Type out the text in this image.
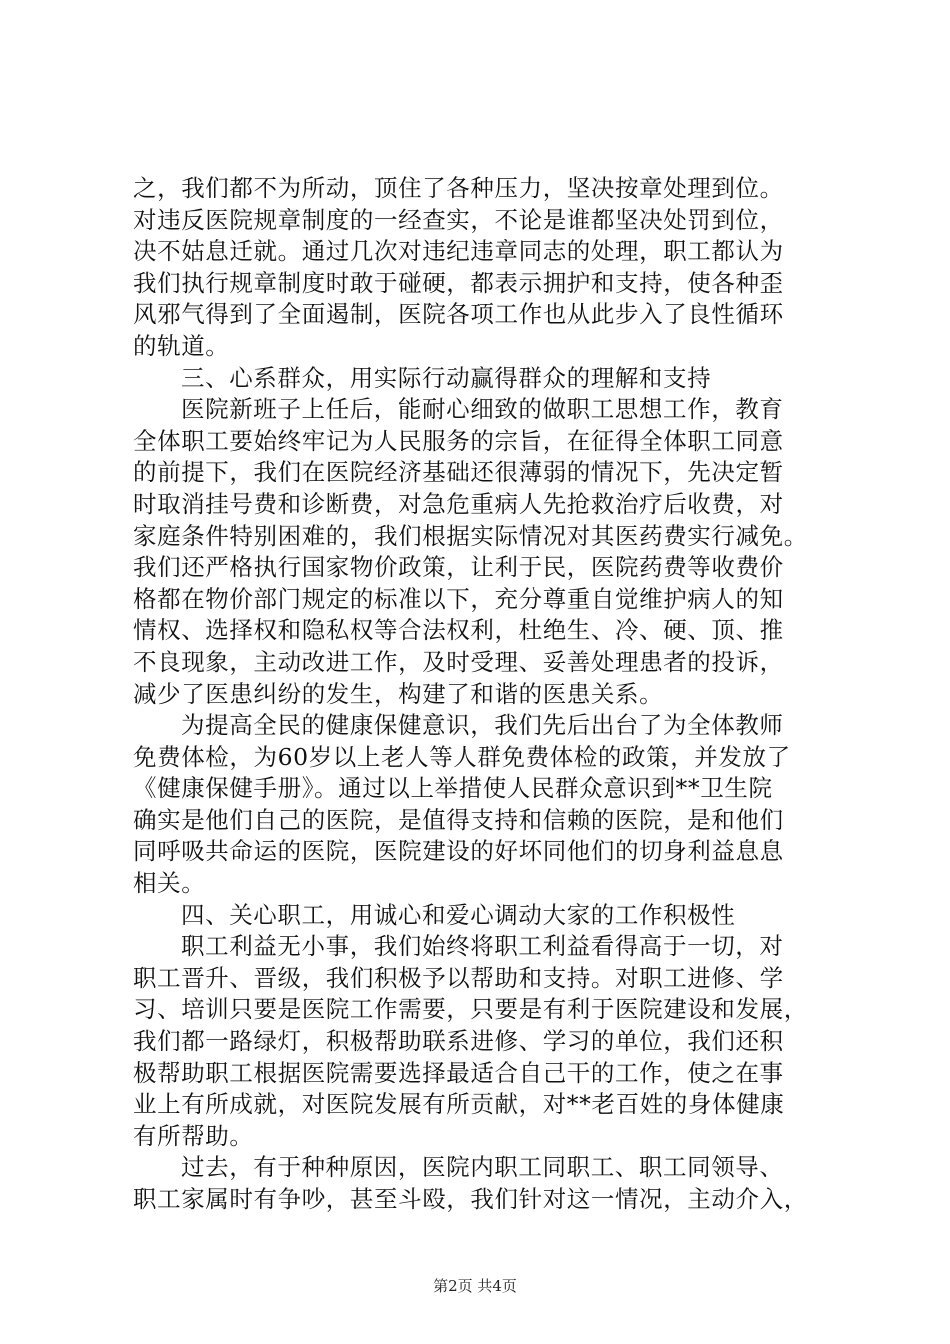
之，我们都不为所动，顶住了各种压力，坚决按章处理到位。
对违反医院规章制度的一经查实，不论是谁都坚决处罚到位，
决不姑息迁就。通过几次对违纪违章同志的处理，职工都认为
我们执行规章制度时敢于碰硬，都表示拥护和支持，使各种歪
风邪气得到了全面遏制，医院各项工作也从此步入了良性循环
的轨道。
三、心系群众，用实际行动赢得群众的理解和支持
医院新班子上任后，能耐心细致的做职工思想工作，教育
全体职工要始终牢记为人民服务的宗旨，在征得全体职工同意
的前提下，我们在医院经济基础还很薄弱的情况下，先决定暂
时取消挂号费和诊断费，对急危重病人先抢救治疗后收费，对
家庭条件特别困难的，我们根据实际情况对其医药费实行减免。
我们还严格执行国家物价政策，让利于民，医院药费等收费价
格都在物价部门规定的标准以下，充分尊重自觉维护病人的知
情权、选择权和隐私权等合法权利，杜绝生、冷、硬、顶、推
不良现象，主动改进工作，及时受理、妥善处理患者的投诉，
减少了医患纠纷的发生，构建了和谐的医患关系。
为提高全民的健康保健意识，我们先后出台了为全体教师
免费体检，为60岁以上老人等人群免费体检的政策，并发放了
《健康保健手册》。通过以上举措使人民群众意识到**卫生院
确实是他们自己的医院，是值得支持和信赖的医院，是和他们
同呼吸共命运的医院，医院建设的好坏同他们的切身利益息息
相关。
四、关心职工，用诚心和爱心调动大家的工作积极性
职工利益无小事，我们始终将职工利益看得高于一切，对
职工晋升、晋级，我们积极予以帮助和支持。对职工进修、学
习、培训只要是医院工作需要，只要是有利于医院建设和发展，
我们都一路绿灯，积极帮助联系进修、学习的单位，我们还积
极帮助职工根据医院需要选择最适合自己干的工作，使之在事
业上有所成就，对医院发展有所贡献，对**老百姓的身体健康
有所帮助。
过去，有于种种原因，医院内职工同职工、职工同领导、
职工家属时有争吵，甚至斗殴，我们针对这一情况，主动介入，
第2页 共4页
